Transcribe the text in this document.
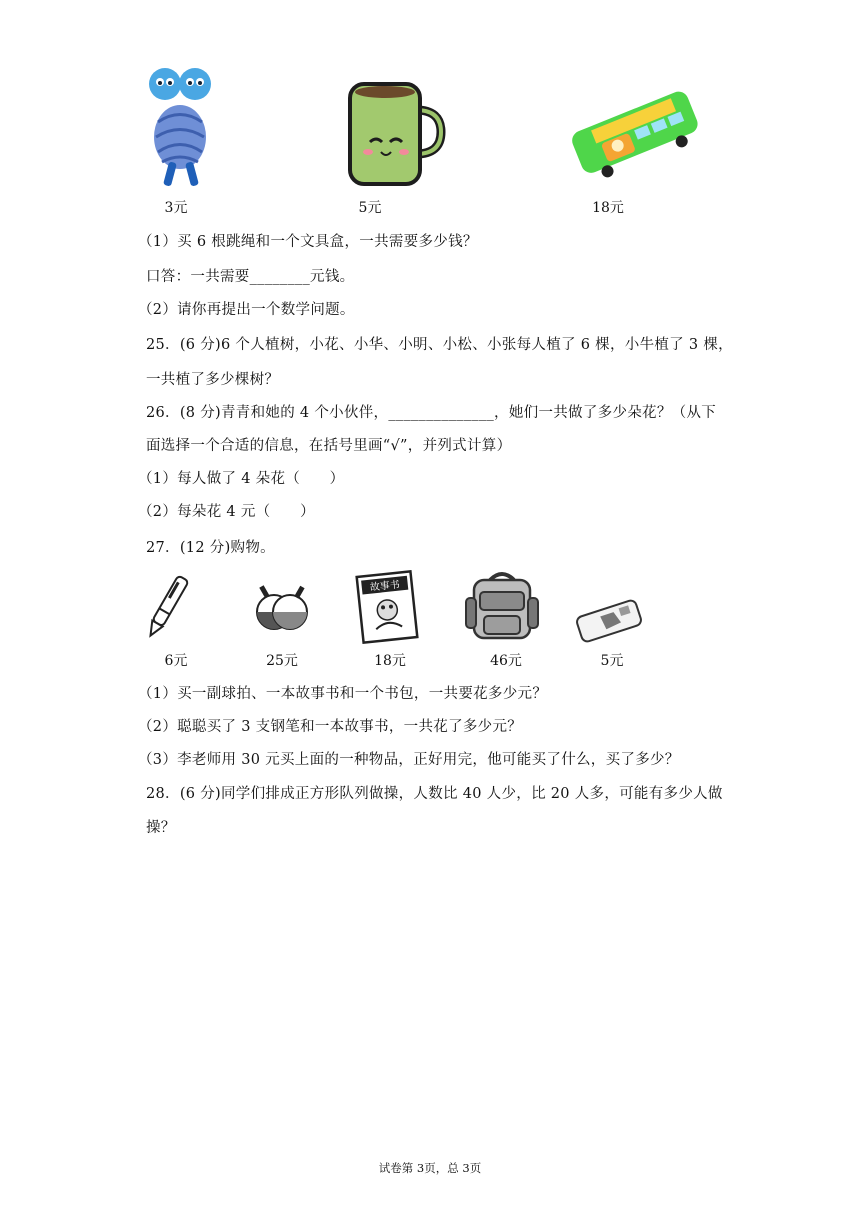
3元	5元	18元
（1）买 6 根跳绳和一个文具盒，一共需要多少钱？
口答：一共需要________元钱。
（2）请你再提出一个数学问题。
25．(6 分)6 个人植树，小花、小华、小明、小松、小张每人植了 6 棵，小牛植了 3 棵，
一共植了多少棵树？
26．(8 分)青青和她的 4 个小伙伴，______________，她们一共做了多少朵花？（从下
面选择一个合适的信息，在括号里画“√”，并列式计算）
（1）每人做了 4 朵花（　　）
（2）每朵花 4 元（　　）
27．(12 分)购物。
故事书
6元	25元	18元	46元	5元
（1）买一副球拍、一本故事书和一个书包，一共要花多少元？
（2）聪聪买了 3 支钢笔和一本故事书，一共花了多少元？
（3）李老师用 30 元买上面的一种物品，正好用完，他可能买了什么，买了多少？
28．(6 分)同学们排成正方形队列做操，人数比 40 人少，比 20 人多，可能有多少人做
操？
试卷第 3页，总 3页
